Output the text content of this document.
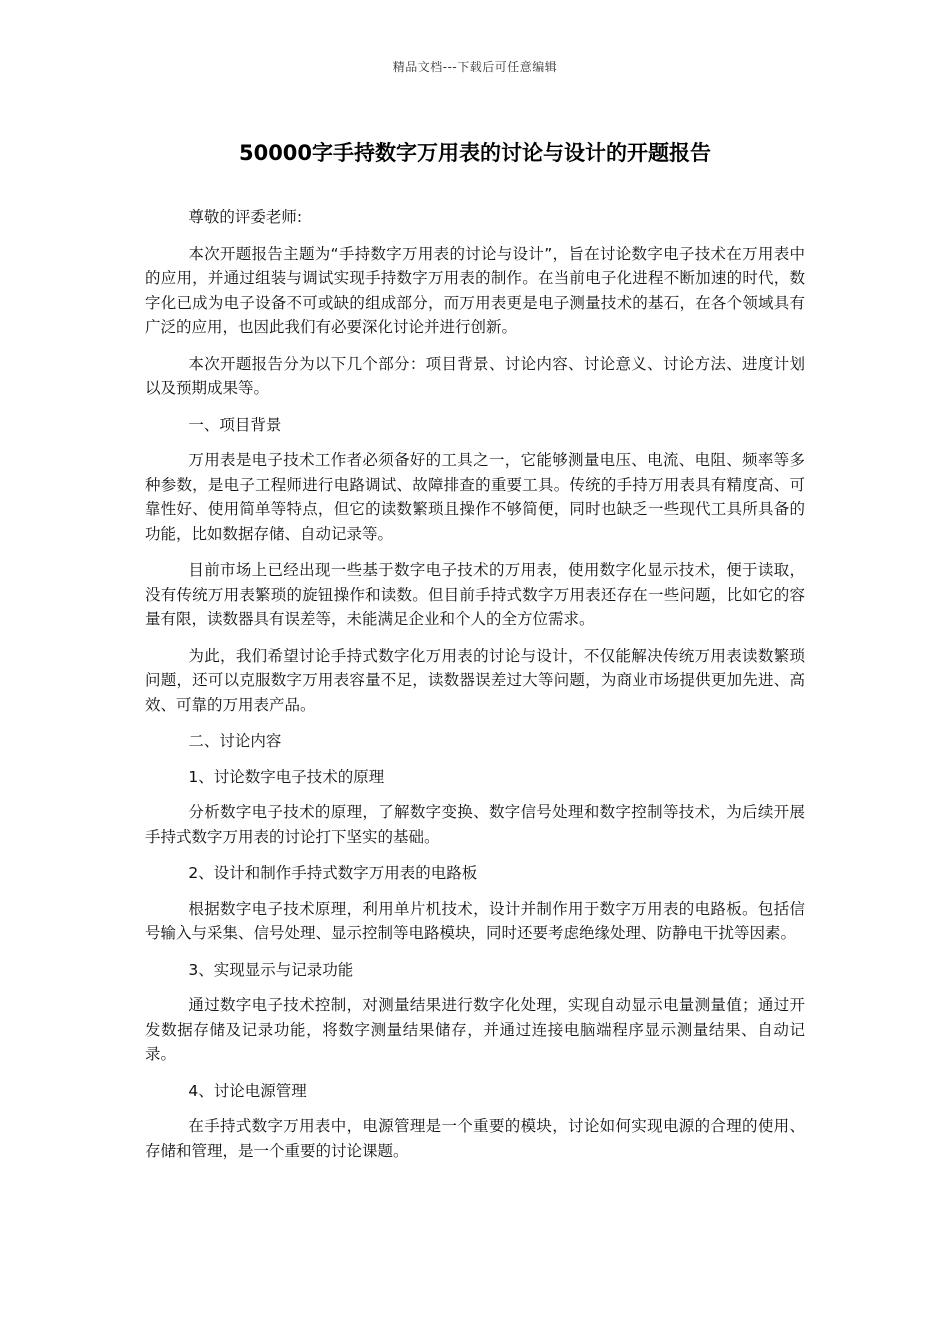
精品文档---下载后可任意编辑
50000字手持数字万用表的讨论与设计的开题报告

尊敬的评委老师:

本次开题报告主题为“手持数字万用表的讨论与设计”，旨在讨论数字电子技术在万用表中的应用，并通过组装与调试实现手持数字万用表的制作。在当前电子化进程不断加速的时代，数字化已成为电子设备不可或缺的组成部分，而万用表更是电子测量技术的基石，在各个领域具有广泛的应用，也因此我们有必要深化讨论并进行创新。

本次开题报告分为以下几个部分：项目背景、讨论内容、讨论意义、讨论方法、进度计划以及预期成果等。

一、项目背景

万用表是电子技术工作者必须备好的工具之一，它能够测量电压、电流、电阻、频率等多种参数，是电子工程师进行电路调试、故障排查的重要工具。传统的手持万用表具有精度高、可靠性好、使用简单等特点，但它的读数繁琐且操作不够简便，同时也缺乏一些现代工具所具备的功能，比如数据存储、自动记录等。

目前市场上已经出现一些基于数字电子技术的万用表，使用数字化显示技术，便于读取，没有传统万用表繁琐的旋钮操作和读数。但目前手持式数字万用表还存在一些问题，比如它的容量有限，读数器具有误差等，未能满足企业和个人的全方位需求。

为此，我们希望讨论手持式数字化万用表的讨论与设计，不仅能解决传统万用表读数繁琐问题，还可以克服数字万用表容量不足，读数器误差过大等问题，为商业市场提供更加先进、高效、可靠的万用表产品。

二、讨论内容

1、讨论数字电子技术的原理

分析数字电子技术的原理，了解数字变换、数字信号处理和数字控制等技术，为后续开展手持式数字万用表的讨论打下坚实的基础。

2、设计和制作手持式数字万用表的电路板

根据数字电子技术原理，利用单片机技术，设计并制作用于数字万用表的电路板。包括信号输入与采集、信号处理、显示控制等电路模块，同时还要考虑绝缘处理、防静电干扰等因素。

3、实现显示与记录功能

通过数字电子技术控制，对测量结果进行数字化处理，实现自动显示电量测量值；通过开发数据存储及记录功能，将数字测量结果储存，并通过连接电脑端程序显示测量结果、自动记录。

4、讨论电源管理

在手持式数字万用表中，电源管理是一个重要的模块，讨论如何实现电源的合理的使用、存储和管理，是一个重要的讨论课题。
